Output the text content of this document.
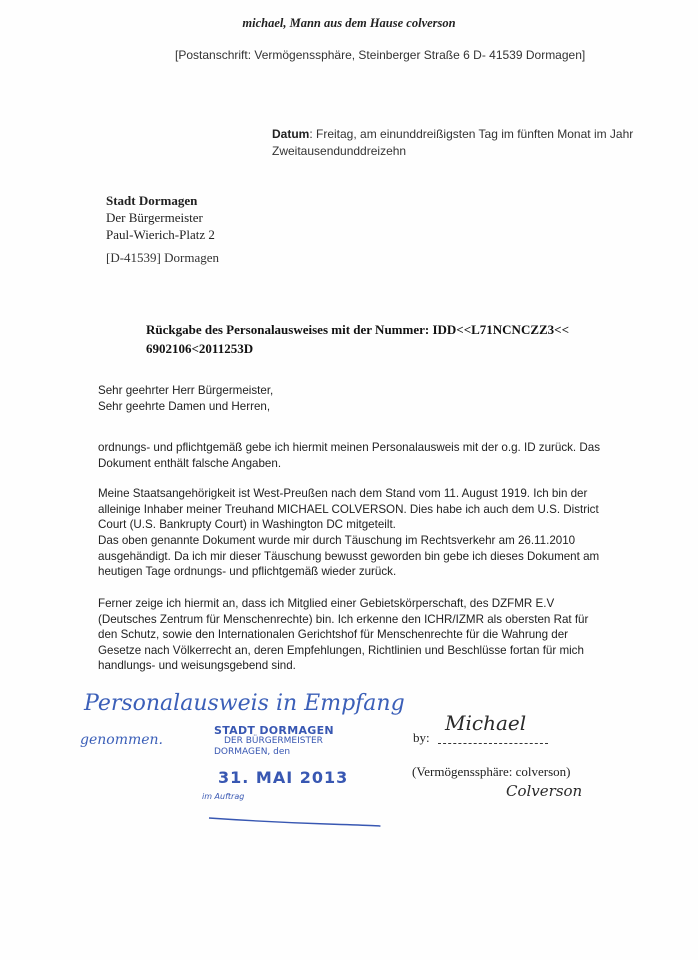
michael, Mann aus dem Hause colverson
[Postanschrift: Vermögenssphäre, Steinberger Straße 6 D- 41539 Dormagen]
Datum: Freitag, am einunddreißigsten Tag im fünften Monat im Jahr Zweitausendunddreizehn
Stadt Dormagen
Der Bürgermeister
Paul-Wierich-Platz 2
[D-41539] Dormagen
Rückgabe des Personalausweises mit der Nummer: IDD<<L71NCNCZZ3<< 6902106<2011253D
Sehr geehrter Herr Bürgermeister,
Sehr geehrte Damen und Herren,
ordnungs- und pflichtgemäß gebe ich hiermit meinen Personalausweis mit der o.g. ID zurück. Das Dokument enthält falsche Angaben.
Meine Staatsangehörigkeit ist West-Preußen nach dem Stand vom 11. August 1919. Ich bin der alleinige Inhaber meiner Treuhand MICHAEL COLVERSON. Dies habe ich auch dem U.S. District Court (U.S. Bankrupty Court) in Washington DC mitgeteilt.
Das oben genannte Dokument wurde mir durch Täuschung im Rechtsverkehr am 26.11.2010 ausgehändigt. Da ich mir dieser Täuschung bewusst geworden bin gebe ich dieses Dokument am heutigen Tage ordnungs- und pflichtgemäß wieder zurück.
Ferner zeige ich hiermit an, dass ich Mitglied einer Gebietskörperschaft, des DZFMR E.V (Deutsches Zentrum für Menschenrechte) bin. Ich erkenne den ICHR/IZMR als obersten Rat für den Schutz, sowie den Internationalen Gerichtshof für Menschenrechte für die Wahrung der Gesetze nach Völkerrecht an, deren Empfehlungen, Richtlinien und Beschlüsse fortan für mich handlungs- und weisungsgebend sind.
Personalausweis in Empfang
genommen.
STADT DORMAGEN
DER BÜRGERMEISTER
DORMAGEN, den
31. MAI 2013
im Auftrag
Michael
by:
(Vermögenssphäre: colverson)
Colverson
